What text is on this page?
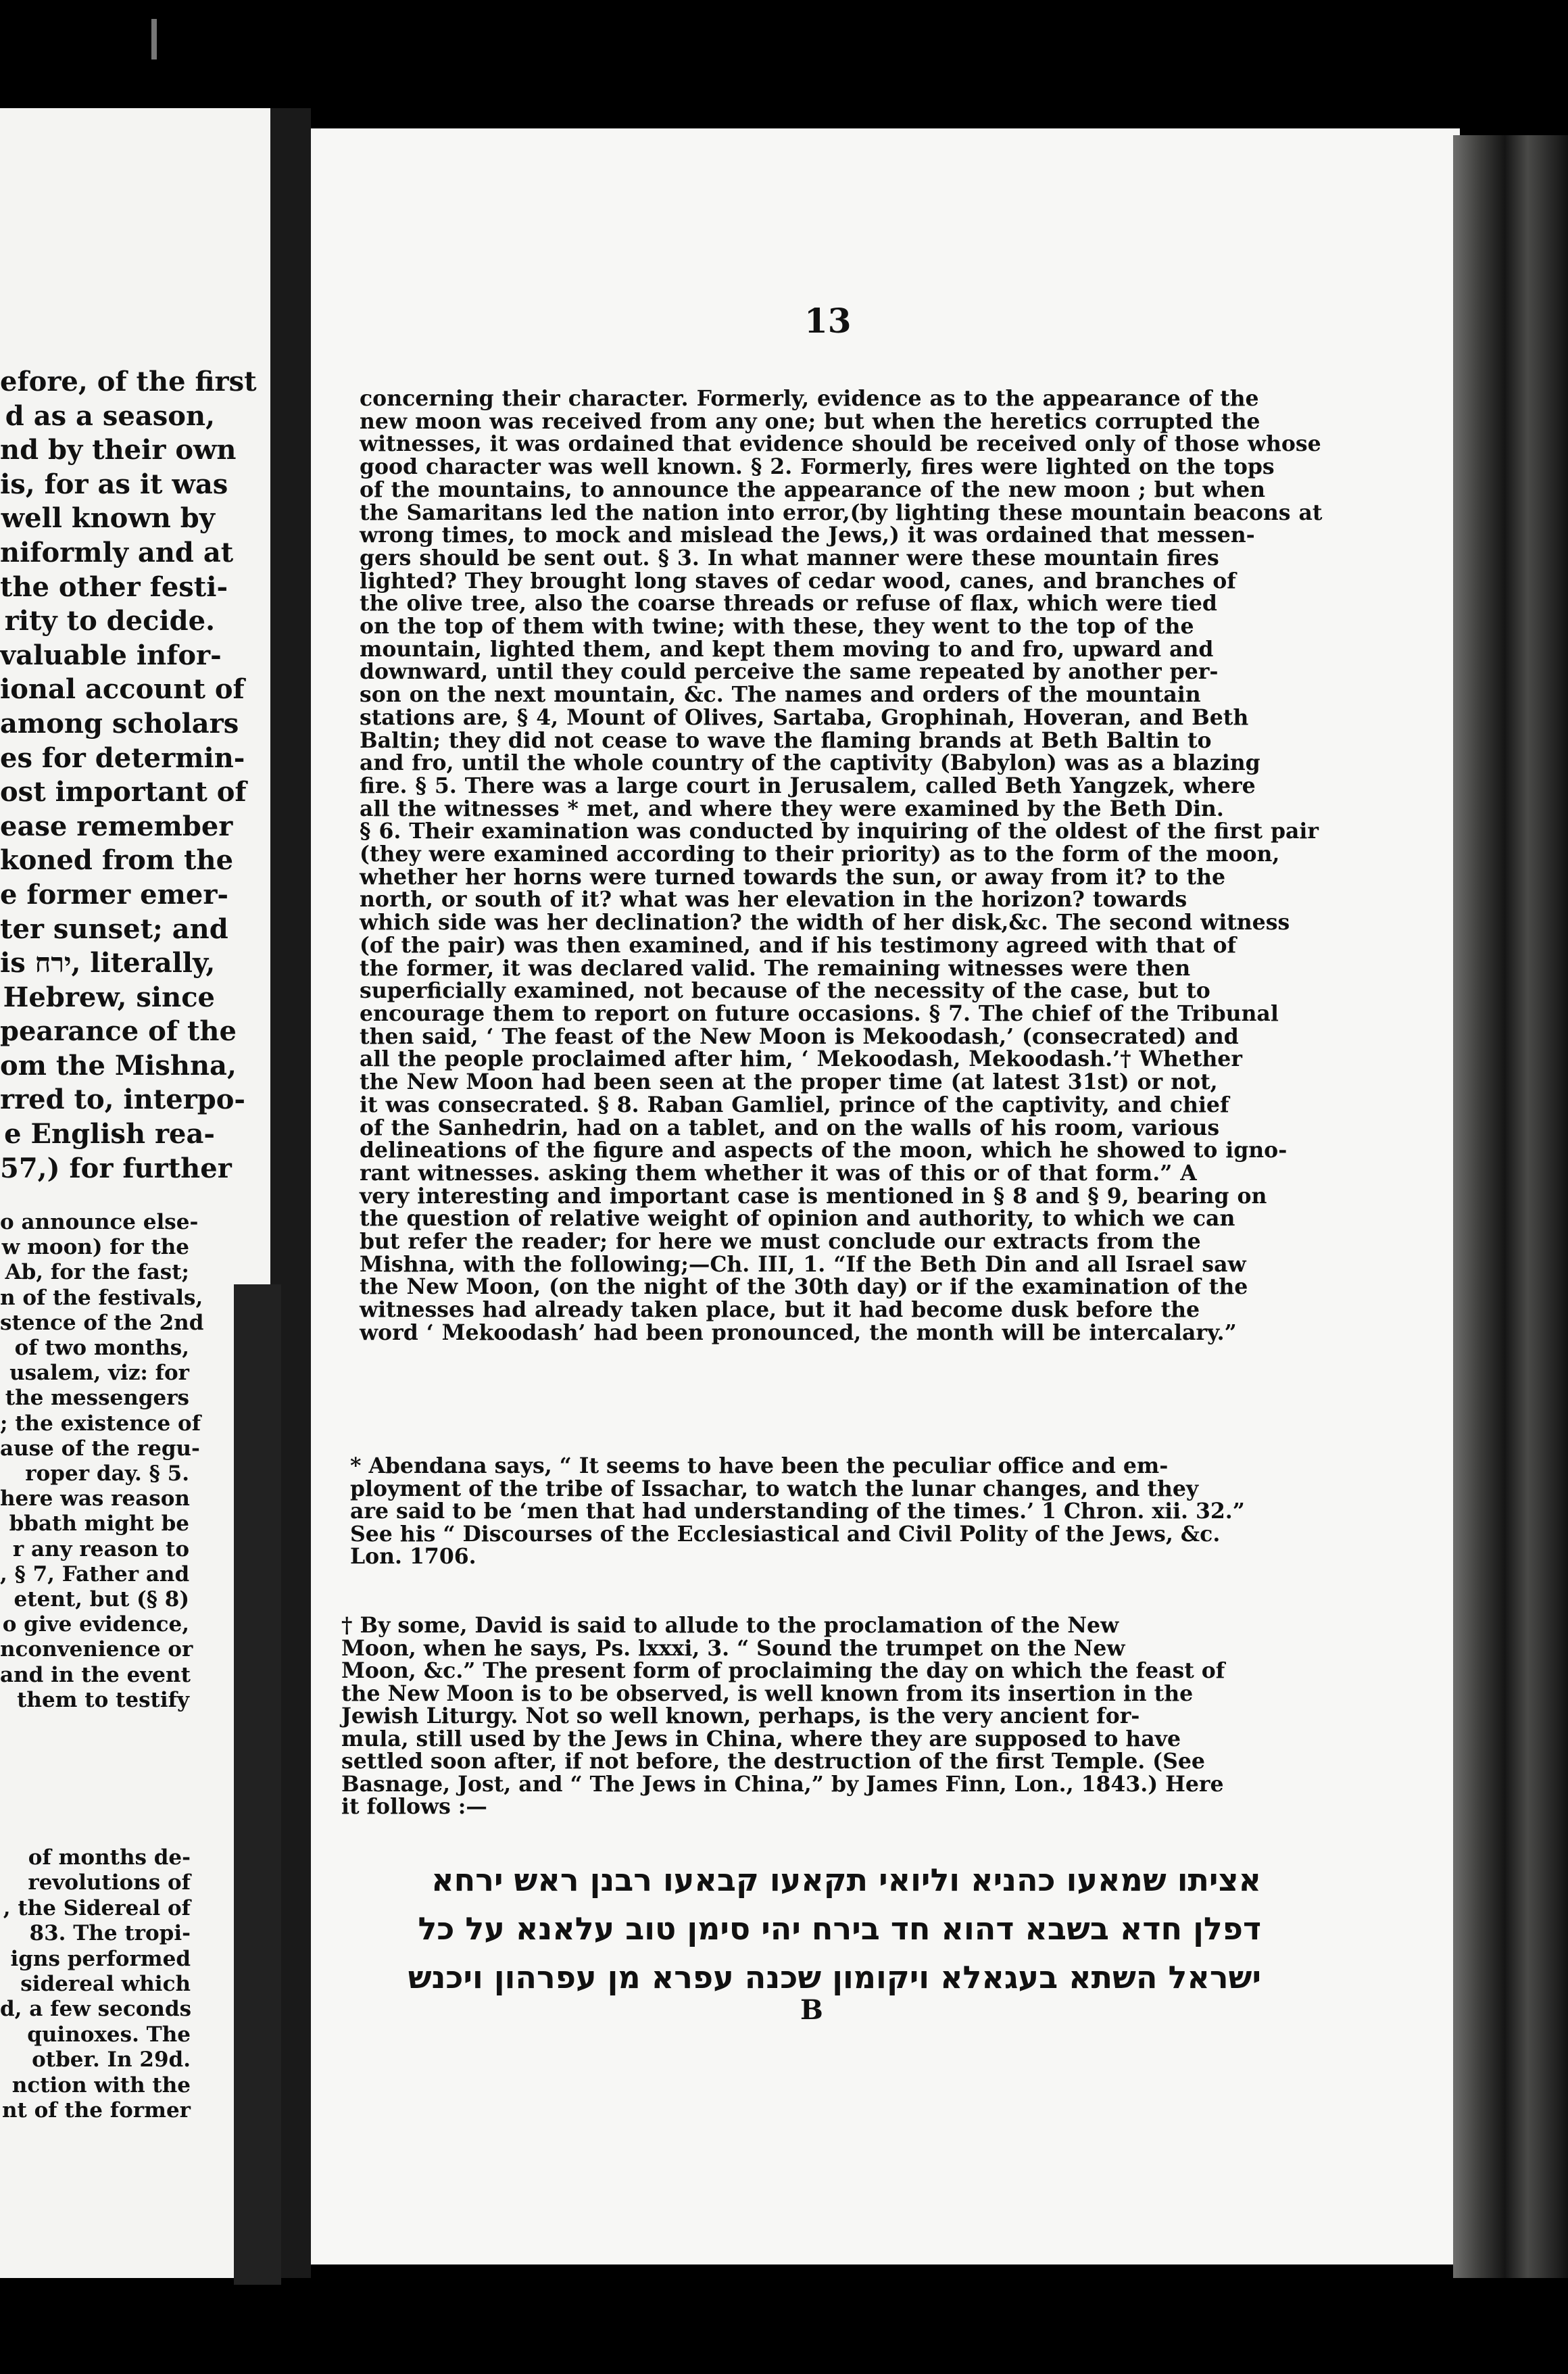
efore, of the first
d as a season,
nd by their own
is, for as it was
well known by
niformly and at
the other festi-
rity to decide.
valuable infor-
ional account of
among scholars
es for determin-
ost important of
ease remember
koned from the
e former emer-
ter sunset; and
is ירח, literally,
Hebrew, since
pearance of the
om the Mishna,
rred to, interpo-
e English rea-
57,) for further
o announce else-
w moon) for the
Ab, for the fast;
n of the festivals,
stence of the 2nd
of two months,
usalem, viz: for
the messengers
; the existence of
ause of the regu-
roper day. § 5.
here was reason
bbath might be
r any reason to
, § 7, Father and
etent, but (§ 8)
o give evidence,
nconvenience or
and in the event
them to testify
of months de-
revolutions of
, the Sidereal of
83. The tropi-
igns performed
sidereal which
d, a few seconds
quinoxes. The
otber. In 29d.
nction with the
nt of the former
13
concerning their character. Formerly, evidence as to the appearance of the
new moon was received from any one; but when the heretics corrupted the
witnesses, it was ordained that evidence should be received only of those whose
good character was well known. § 2. Formerly, fires were lighted on the tops
of the mountains, to announce the appearance of the new moon ; but when
the Samaritans led the nation into error,(by lighting these mountain beacons at
wrong times, to mock and mislead the Jews,) it was ordained that messen-
gers should be sent out. § 3. In what manner were these mountain fires
lighted? They brought long staves of cedar wood, canes, and branches of
the olive tree, also the coarse threads or refuse of flax, which were tied
on the top of them with twine; with these, they went to the top of the
mountain, lighted them, and kept them moving to and fro, upward and
downward, until they could perceive the same repeated by another per-
son on the next mountain, &c. The names and orders of the mountain
stations are, § 4, Mount of Olives, Sartaba, Grophinah, Hoveran, and Beth
Baltin; they did not cease to wave the flaming brands at Beth Baltin to
and fro, until the whole country of the captivity (Babylon) was as a blazing
fire. § 5. There was a large court in Jerusalem, called Beth Yangzek, where
all the witnesses * met, and where they were examined by the Beth Din.
§ 6. Their examination was conducted by inquiring of the oldest of the first pair
(they were examined according to their priority) as to the form of the moon,
whether her horns were turned towards the sun, or away from it? to the
north, or south of it? what was her elevation in the horizon? towards
which side was her declination? the width of her disk,&c. The second witness
(of the pair) was then examined, and if his testimony agreed with that of
the former, it was declared valid. The remaining witnesses were then
superficially examined, not because of the necessity of the case, but to
encourage them to report on future occasions. § 7. The chief of the Tribunal
then said, ‘ The feast of the New Moon is Mekoodash,’ (consecrated) and
all the people proclaimed after him, ‘ Mekoodash, Mekoodash.’† Whether
the New Moon had been seen at the proper time (at latest 31st) or not,
it was consecrated. § 8. Raban Gamliel, prince of the captivity, and chief
of the Sanhedrin, had on a tablet, and on the walls of his room, various
delineations of the figure and aspects of the moon, which he showed to igno-
rant witnesses. asking them whether it was of this or of that form.” A
very interesting and important case is mentioned in § 8 and § 9, bearing on
the question of relative weight of opinion and authority, to which we can
but refer the reader; for here we must conclude our extracts from the
Mishna, with the following;—Ch. III, 1. “If the Beth Din and all Israel saw
the New Moon, (on the night of the 30th day) or if the examination of the
witnesses had already taken place, but it had become dusk before the
word ‘ Mekoodash’ had been pronounced, the month will be intercalary.”
* Abendana says, “ It seems to have been the peculiar office and em-
ployment of the tribe of Issachar, to watch the lunar changes, and they
are said to be ‘men that had understanding of the times.’ 1 Chron. xii. 32.”
See his “ Discourses of the Ecclesiastical and Civil Polity of the Jews, &c.
Lon. 1706.
† By some, David is said to allude to the proclamation of the New
Moon, when he says, Ps. lxxxi, 3. “ Sound the trumpet on the New
Moon, &c.” The present form of proclaiming the day on which the feast of
the New Moon is to be observed, is well known from its insertion in the
Jewish Liturgy. Not so well known, perhaps, is the very ancient for-
mula, still used by the Jews in China, where they are supposed to have
settled soon after, if not before, the destruction of the first Temple. (See
Basnage, Jost, and “ The Jews in China,” by James Finn, Lon., 1843.) Here
it follows :—
אציתו שמאעו כהניא וליואי תקאעו קבאעו רבנן ראש ירחא
דפלן חדא בשבא דהוא חד בירח יהי סימן טוב עלאנא על כל
ישראל השתא בעגאלא ויקומון שכנה עפרא מן עפרהון ויכנש
B
